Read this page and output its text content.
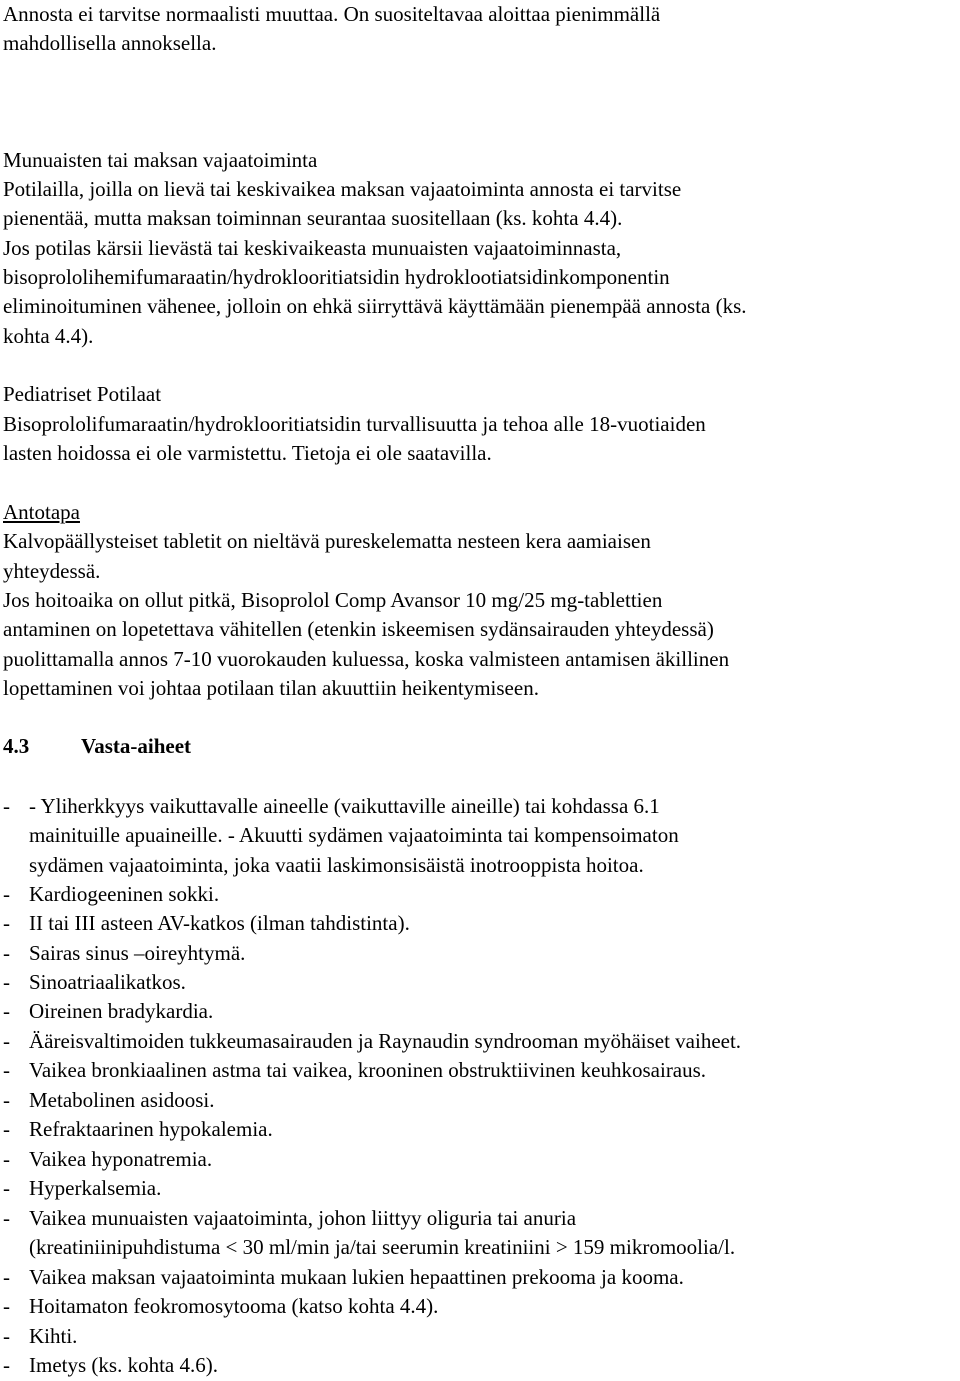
Annosta ei tarvitse normaalisti muuttaa. On suositeltavaa aloittaa pienimmällä
mahdollisella annoksella.
Munuaisten tai maksan vajaatoiminta
Potilailla, joilla on lievä tai keskivaikea maksan vajaatoiminta annosta ei tarvitse
pienentää, mutta maksan toiminnan seurantaa suositellaan (ks. kohta 4.4).
Jos potilas kärsii lievästä tai keskivaikeasta munuaisten vajaatoiminnasta,
bisoprololihemifumaraatin/hydroklooritiatsidin hydroklootiatsidinkomponentin
eliminoituminen vähenee, jolloin on ehkä siirryttävä käyttämään pienempää annosta (ks.
kohta 4.4).
Pediatriset Potilaat
Bisoprololifumaraatin/hydroklooritiatsidin turvallisuutta ja tehoa alle 18-vuotiaiden
lasten hoidossa ei ole varmistettu. Tietoja ei ole saatavilla.
Antotapa
Kalvopäällysteiset tabletit on nieltävä pureskelematta nesteen kera aamiaisen
yhteydessä.
Jos hoitoaika on ollut pitkä, Bisoprolol Comp Avansor 10 mg/25 mg-tablettien
antaminen on lopetettava vähitellen (etenkin iskeemisen sydänsairauden yhteydessä)
puolittamalla annos 7-10 vuorokauden kuluessa, koska valmisteen antamisen äkillinen
lopettaminen voi johtaa potilaan tilan akuuttiin heikentymiseen.
4.3 Vasta-aiheet
- - Yliherkkyys vaikuttavalle aineelle (vaikuttaville aineille) tai kohdassa 6.1
mainituille apuaineille. - Akuutti sydämen vajaatoiminta tai kompensoimaton
sydämen vajaatoiminta, joka vaatii laskimonsisäistä inotrooppista hoitoa.
- Kardiogeeninen sokki.
- II tai III asteen AV-katkos (ilman tahdistinta).
- Sairas sinus –oireyhtymä.
- Sinoatriaalikatkos.
- Oireinen bradykardia.
- Ääreisvaltimoiden tukkeumasairauden ja Raynaudin syndrooman myöhäiset vaiheet.
- Vaikea bronkiaalinen astma tai vaikea, krooninen obstruktiivinen keuhkosairaus.
- Metabolinen asidoosi.
- Refraktaarinen hypokalemia.
- Vaikea hyponatremia.
- Hyperkalsemia.
- Vaikea munuaisten vajaatoiminta, johon liittyy oliguria tai anuria
(kreatiniinipuhdistuma < 30 ml/min ja/tai seerumin kreatiniini > 159 mikromoolia/l.
- Vaikea maksan vajaatoiminta mukaan lukien hepaattinen prekooma ja kooma.
- Hoitamaton feokromosytooma (katso kohta 4.4).
- Kihti.
- Imetys (ks. kohta 4.6).
